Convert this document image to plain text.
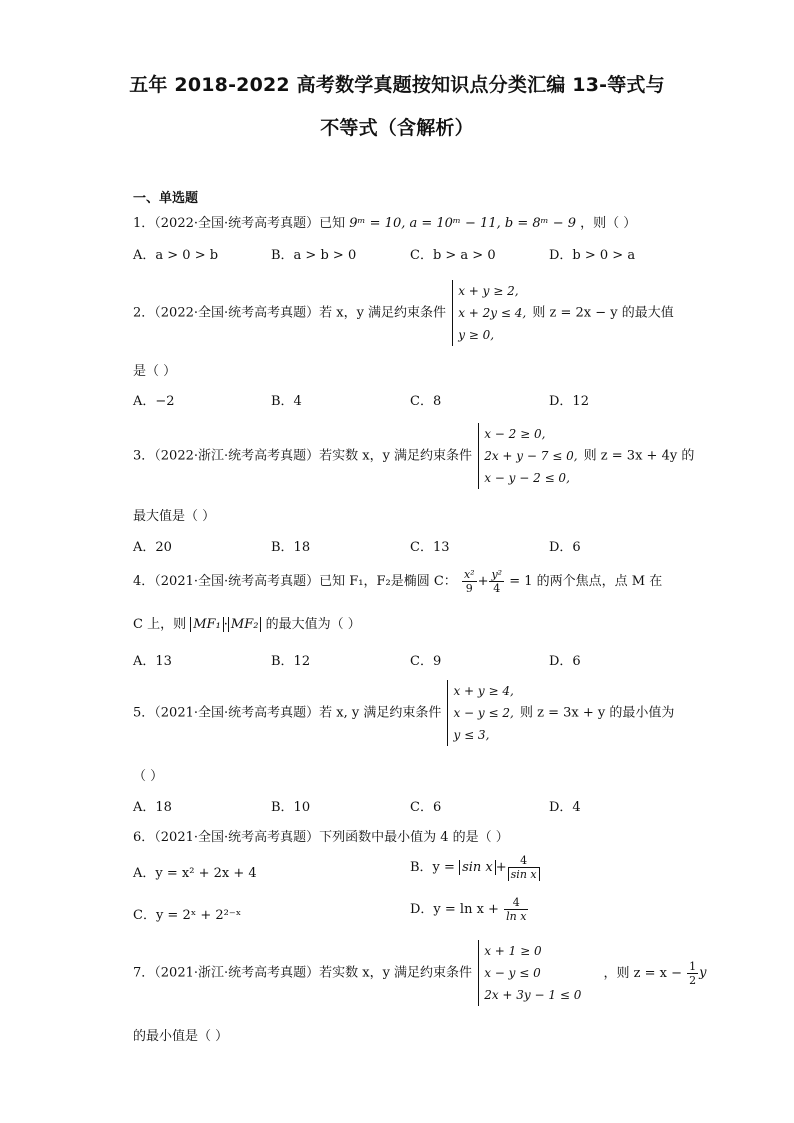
五年 2018-2022 高考数学真题按知识点分类汇编 13-等式与
不等式（含解析）
一、单选题
1．（2022·全国·统考高考真题）已知 9ᵐ = 10, a = 10ᵐ − 11, b = 8ᵐ − 9 ，则（ ）
A．a > 0 > b	B．a > b > 0	C．b > a > 0	D．b > 0 > a
2．（2022·全国·统考高考真题）若 x，y 满足约束条件
x + y ≥ 2,
x + 2y ≤ 4,
y ≥ 0,
则 z = 2x − y 的最大值
是（ ）
A．−2	B．4	C．8	D．12
3．（2022·浙江·统考高考真题）若实数 x，y 满足约束条件
x − 2 ≥ 0,
2x + y − 7 ≤ 0,
x − y − 2 ≤ 0,
则 z = 3x + 4y 的
最大值是（ ）
A．20	B．18	C．13	D．6
4．（2021·全国·统考高考真题）已知 F₁，F₂是椭圆 C： $\frac{\text{x²}}{9} + \frac{\text{y²}}{4} = 1$ 的两个焦点，点 M 在
C 上，则 MF₁ · MF₂ 的最大值为（ ）
A．13	B．12	C．9	D．6
5．（2021·全国·统考高考真题）若 x, y 满足约束条件
x + y ≥ 4,
x − y ≤ 2,
y ≤ 3,
则 z = 3x + y 的最小值为
（ ）
A．18	B．10	C．6	D．4
6．（2021·全国·统考高考真题）下列函数中最小值为 4 的是（ ）
A．y = x² + 2x + 4	B．$y = \sin x + \frac{4}{\text{sin x}}$
C．y = 2ˣ + 2²⁻ˣ	D．$y = \ln x + \frac{4}{\text{ln x}}$
7．（2021·浙江·统考高考真题）若实数 x，y 满足约束条件
x + 1 ≥ 0
x − y ≤ 0
2x + 3y − 1 ≤ 0
，则 $z = x - \frac{1}{2}$ y
的最小值是（ ）
